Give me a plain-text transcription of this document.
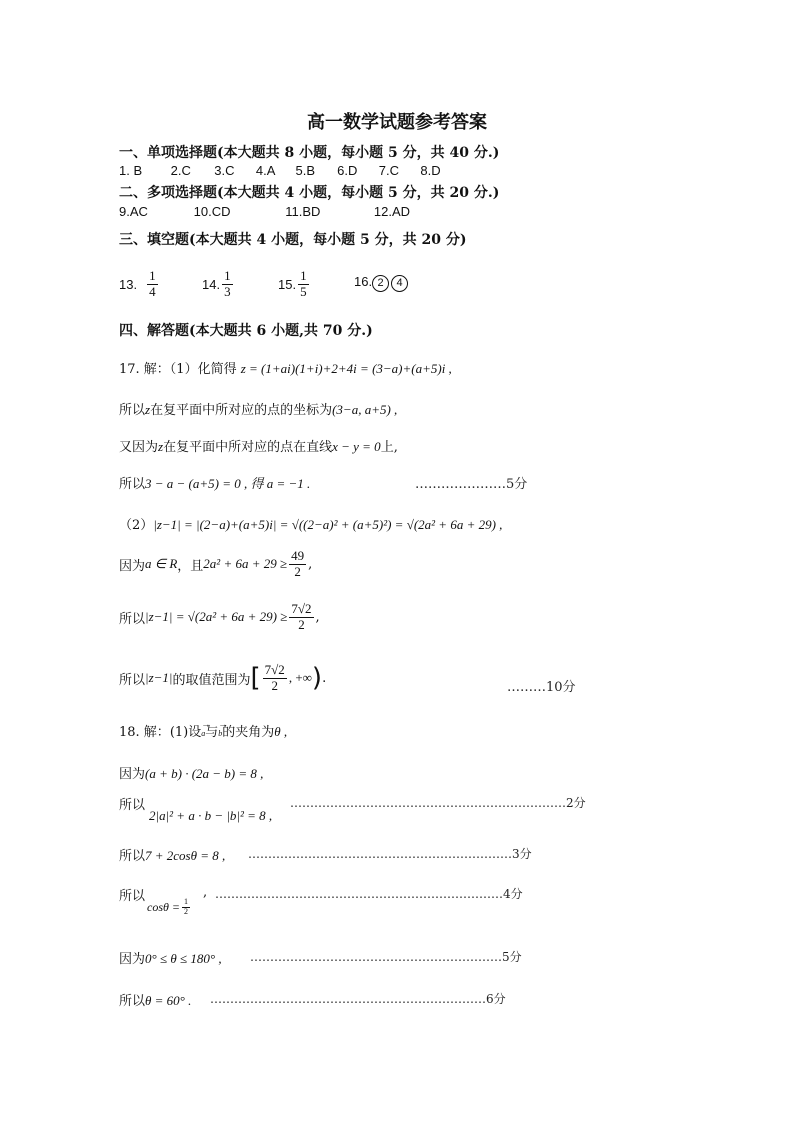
高一数学试题参考答案
一、单项选择题(本大题共 8 小题，每小题 5 分，共 40 分.)
1. B 2.C 3.C 4.A 5.B 6.D 7.C 8.D
二、多项选择题(本大题共 4 小题，每小题 5 分，共 20 分.)
9.AC	10.CD	11.BD	12.AD
三、填空题(本大题共 4 小题，每小题 5 分，共 20 分)
13. $\frac{1}{4}$	14. $\frac{1}{3}$	15. $\frac{1}{5}$	16. 2 4
四、解答题(本大题共 6 小题,共 70 分.)
17. 解：（1）化简得 z = (1+ai)(1+i)+2+4i = (3−a)+(a+5)i ,
所以z在复平面中所对应的点的坐标为(3−a, a+5) ,
又因为z在复平面中所对应的点在直线x − y = 0上,
所以3 − a − (a+5) = 0 , 得 a = −1 .	…………………5分
（2）|z−1| = |(2−a)+(a+5)i| = √((2−a)² + (a+5)²) = √(2a² + 6a + 29) ,
因为 a ∈ R ，且 $2a^2 + 6a + 29 \ge \frac{49}{2}$ ,
所以 $|z-1| = √(2a^2 + 6a + 29) \ge \frac{7√2}{2}$ ,
所以 |z−1| 的取值范围为 [ $\frac{7√2}{2}$ , +∞ ) .
………10分
18. 解：(1)设→ a与→ b的夹角为θ ,
因为(a + b) · (2a − b) = 8 ,
所以
2|a|² + a · b − |b|² = 8 ,
……………………………………………………………2分
所以7 + 2cosθ = 8 , …………………………………………………………3分
所以
$\cos\theta = \frac{1}{2}$
, ………………………………………………………………4分
因为0° ≤ θ ≤ 180° , ………………………………………………………5分
所以θ = 60° . ……………………………………………………………6分
